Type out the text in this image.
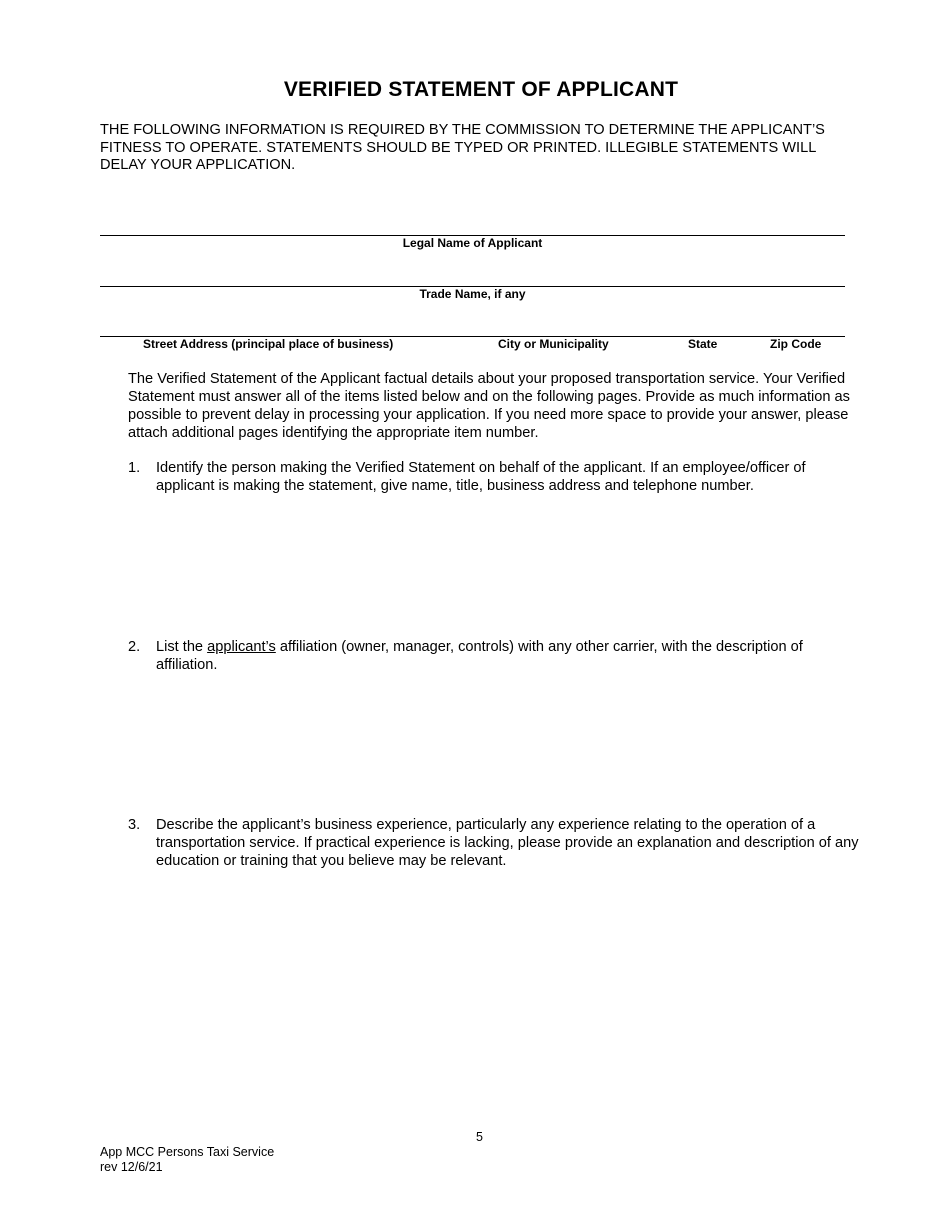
VERIFIED STATEMENT OF APPLICANT
THE FOLLOWING INFORMATION IS REQUIRED BY THE COMMISSION TO DETERMINE THE APPLICANT’S FITNESS TO OPERATE. STATEMENTS SHOULD BE TYPED OR PRINTED. ILLEGIBLE STATEMENTS WILL DELAY YOUR APPLICATION.
Legal Name of Applicant
Trade Name, if any
Street Address (principal place of business)	City or Municipality	State	Zip Code
The Verified Statement of the Applicant factual details about your proposed transportation service. Your Verified Statement must answer all of the items listed below and on the following pages. Provide as much information as possible to prevent delay in processing your application. If you need more space to provide your answer, please attach additional pages identifying the appropriate item number.
1. Identify the person making the Verified Statement on behalf of the applicant. If an employee/officer of applicant is making the statement, give name, title, business address and telephone number.
2. List the applicant’s affiliation (owner, manager, controls) with any other carrier, with the description of affiliation.
3. Describe the applicant’s business experience, particularly any experience relating to the operation of a transportation service. If practical experience is lacking, please provide an explanation and description of any education or training that you believe may be relevant.
5
App MCC Persons Taxi Service
rev 12/6/21
